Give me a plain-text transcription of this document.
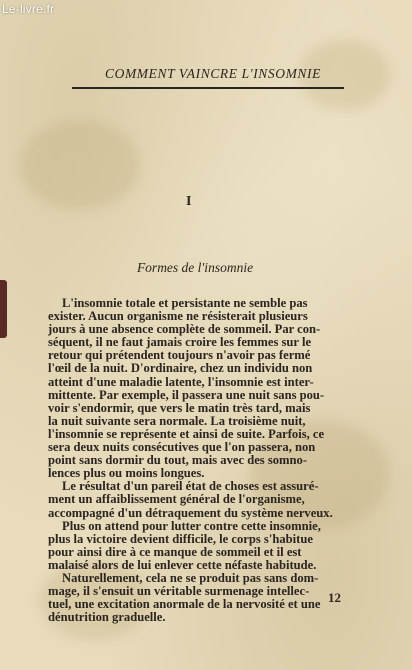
Le-livre.fr
COMMENT VAINCRE L'INSOMNIE
I
Formes de l'insomnie
L'insomnie totale et persistante ne semble pas
exister. Aucun organisme ne résisterait plusieurs
jours à une absence complète de sommeil. Par con-
séquent, il ne faut jamais croire les femmes sur le
retour qui prétendent toujours n'avoir pas fermé
l'œil de la nuit. D'ordinaire, chez un individu non
atteint d'une maladie latente, l'insomnie est inter-
mittente. Par exemple, il passera une nuit sans pou-
voir s'endormir, que vers le matin très tard, mais
la nuit suivante sera normale. La troisième nuit,
l'insomnie se représente et ainsi de suite. Parfois, ce
sera deux nuits consécutives que l'on passera, non
point sans dormir du tout, mais avec des somno-
lences plus ou moins longues.
Le résultat d'un pareil état de choses est assuré-
ment un affaiblissement général de l'organisme,
accompagné d'un détraquement du système nerveux.
Plus on attend pour lutter contre cette insomnie,
plus la victoire devient difficile, le corps s'habitue
pour ainsi dire à ce manque de sommeil et il est
malaisé alors de lui enlever cette néfaste habitude.
Naturellement, cela ne se produit pas sans dom-
mage, il s'ensuit un véritable surmenage intellec-
tuel, une excitation anormale de la nervosité et une
dénutrition graduelle.
12
